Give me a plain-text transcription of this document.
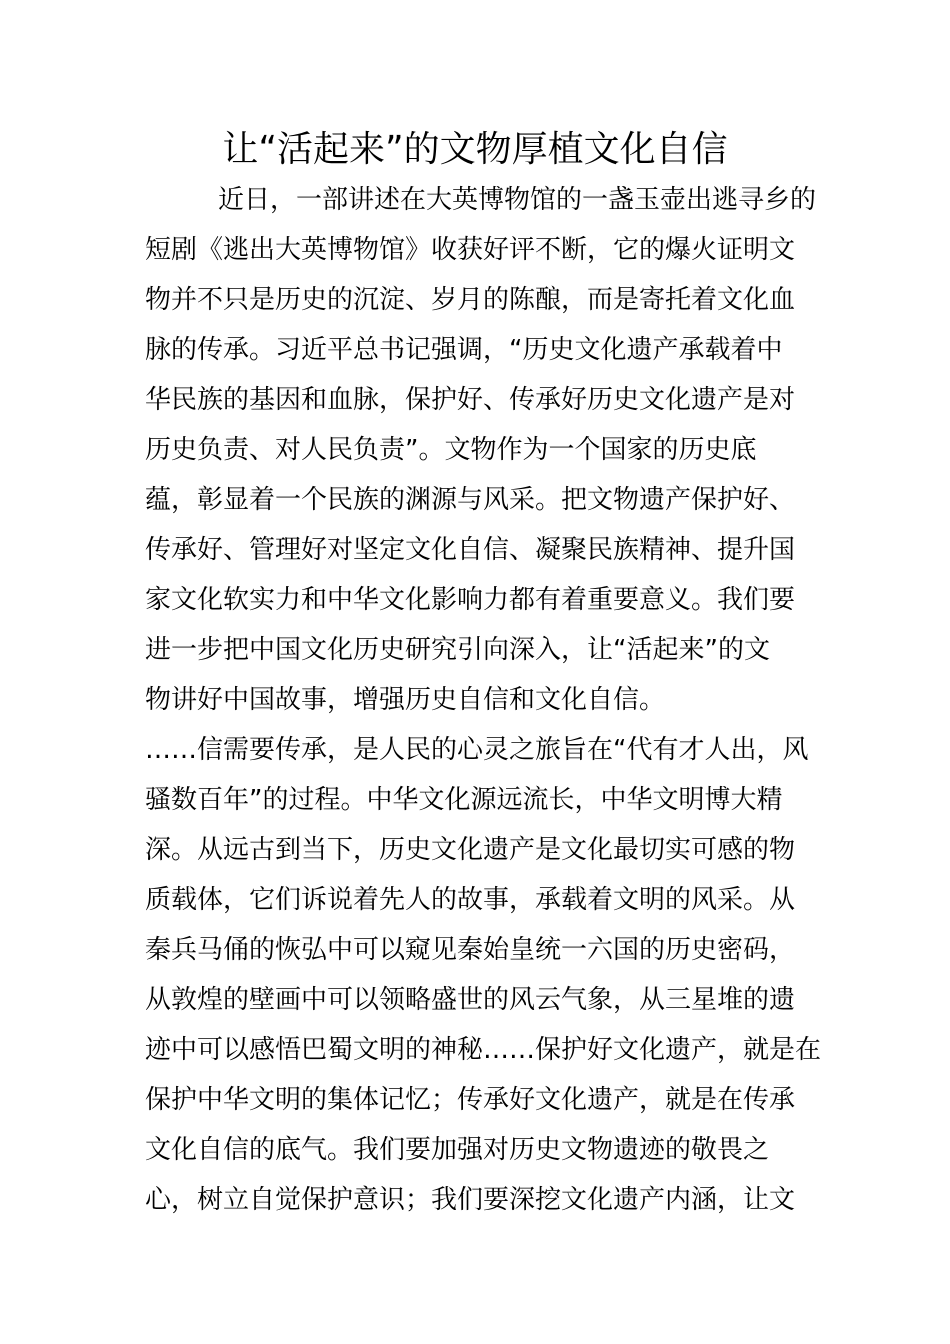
让“活起来”的文物厚植文化自信

近日，一部讲述在大英博物馆的一盏玉壶出逃寻乡的

短剧《逃出大英博物馆》收获好评不断，它的爆火证明文

物并不只是历史的沉淀、岁月的陈酿，而是寄托着文化血

脉的传承。习近平总书记强调，“历史文化遗产承载着中

华民族的基因和血脉，保护好、传承好历史文化遗产是对

历史负责、对人民负责”。文物作为一个国家的历史底

蕴，彰显着一个民族的渊源与风采。把文物遗产保护好、

传承好、管理好对坚定文化自信、凝聚民族精神、提升国

家文化软实力和中华文化影响力都有着重要意义。我们要

进一步把中国文化历史研究引向深入，让“活起来”的文

物讲好中国故事，增强历史自信和文化自信。

……信需要传承，是人民的心灵之旅旨在“代有才人出，风

骚数百年”的过程。中华文化源远流长，中华文明博大精

深。从远古到当下，历史文化遗产是文化最切实可感的物

质载体，它们诉说着先人的故事，承载着文明的风采。从

秦兵马俑的恢弘中可以窥见秦始皇统一六国的历史密码，

从敦煌的壁画中可以领略盛世的风云气象，从三星堆的遗

迹中可以感悟巴蜀文明的神秘……保护好文化遗产，就是在

保护中华文明的集体记忆；传承好文化遗产，就是在传承

文化自信的底气。我们要加强对历史文物遗迹的敬畏之

心，树立自觉保护意识；我们要深挖文化遗产内涵，让文
